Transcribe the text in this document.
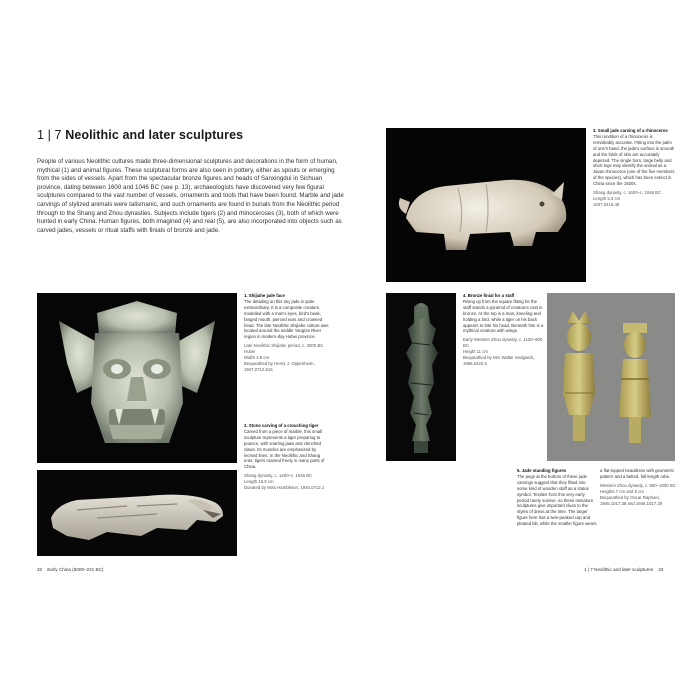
1 | 7 Neolithic and later sculptures
People of various Neolithic cultures made three-dimensional sculptures and decorations in the form of human, mythical (1) and animal figures. These sculptural forms are also seen in pottery, either as spouts or emerging from the sides of vessels. Apart from the spectacular bronze figures and heads of Sanxingdui in Sichuan province, dating between 1600 and 1046 BC (see p. 13), archaeologists have discovered very few figural sculptures compared to the vast number of vessels, ornaments and tools that have been found. Marble and jade carvings of stylized animals were talismanic, and such ornaments are found in burials from the Neolithic period through to the Shang and Zhou dynasties. Subjects include tigers (2) and rhinoceroses (3), both of which were hunted in early China. Human figures, both imagined (4) and real (5), are also incorporated into objects such as carved jades, vessels or ritual staffs with finials of bronze and jade.
1. Shijiahe jade face
The detailing on this tiny jade is quite extraordinary. It is a composite creature, modelled with a man's eyes, bird's beak, fanged mouth, pierced ears and crowned head. The late Neolithic Shijiahe culture was located around the middle Yangtze River region in modern-day Hubei province.
Late Neolithic Shijiahe period, c. 2000 BC
Hubei
Width 3.8 cm
Bequeathed by Henry J. Oppenheim, 1947,0712.515
2. Stone carving of a crouching tiger
Carved from a piece of marble, this small sculpture represents a tiger preparing to pounce, with snarling jaws and clenched claws. Its muscles are emphasized by incised lines. In the Neolithic and Shang eras, tigers roamed freely in many parts of China.
Shang dynasty, c. 1200–c. 1046 BC
Length 15.9 cm
Donated by Miss Hambleton, 1946,0712.1
32 Early China (5000–221 BC)
3. Small jade carving of a rhinoceros
This rendition of a rhinoceros is remarkably accurate. Fitting into the palm of one's hand, the jade's surface is smooth and the folds of skin are accurately depicted. The single horn, large belly and short legs may identify the animal as a Javan rhinoceros (one of the five members of the species), which has been extinct in China since the 1920s.
Shang dynasty, c. 1600–c. 1046 BC
Length 5.3 cm
1937,0416.49
4. Bronze finial for a staff
Rising up from the square fitting for the staff stands a pyramid of creatures cast in bronze. At the top is a man, kneeling and holding a bird, while a tiger on his back appears to bite his head. Beneath him is a mythical creature with wings.
Early Western Zhou dynasty, c. 1100–900 BC
Height 11 cm
Bequeathed by Mrs Walter Sedgwick, 1968,0422.6
5. Jade standing figures
The pegs at the bottom of these jade carvings suggest that they fitted into some kind of wooden staff as a status symbol. Textiles from this very early period rarely survive, so these miniature sculptures give important clues to the styles of dress at the time. The larger figure here has a twin-peaked cap and pleated kilt, while the smaller figure wears
a flat-topped headdress with geometric pattern and a belted, full-length robe.
Western Zhou dynasty, c. 950–1000 BC
Heights 7 cm and 6 cm
Bequeathed by Oscar Raphael, 1945,1017.38 and 1945,1017.39
1 | 7 Neolithic and later sculptures 33
